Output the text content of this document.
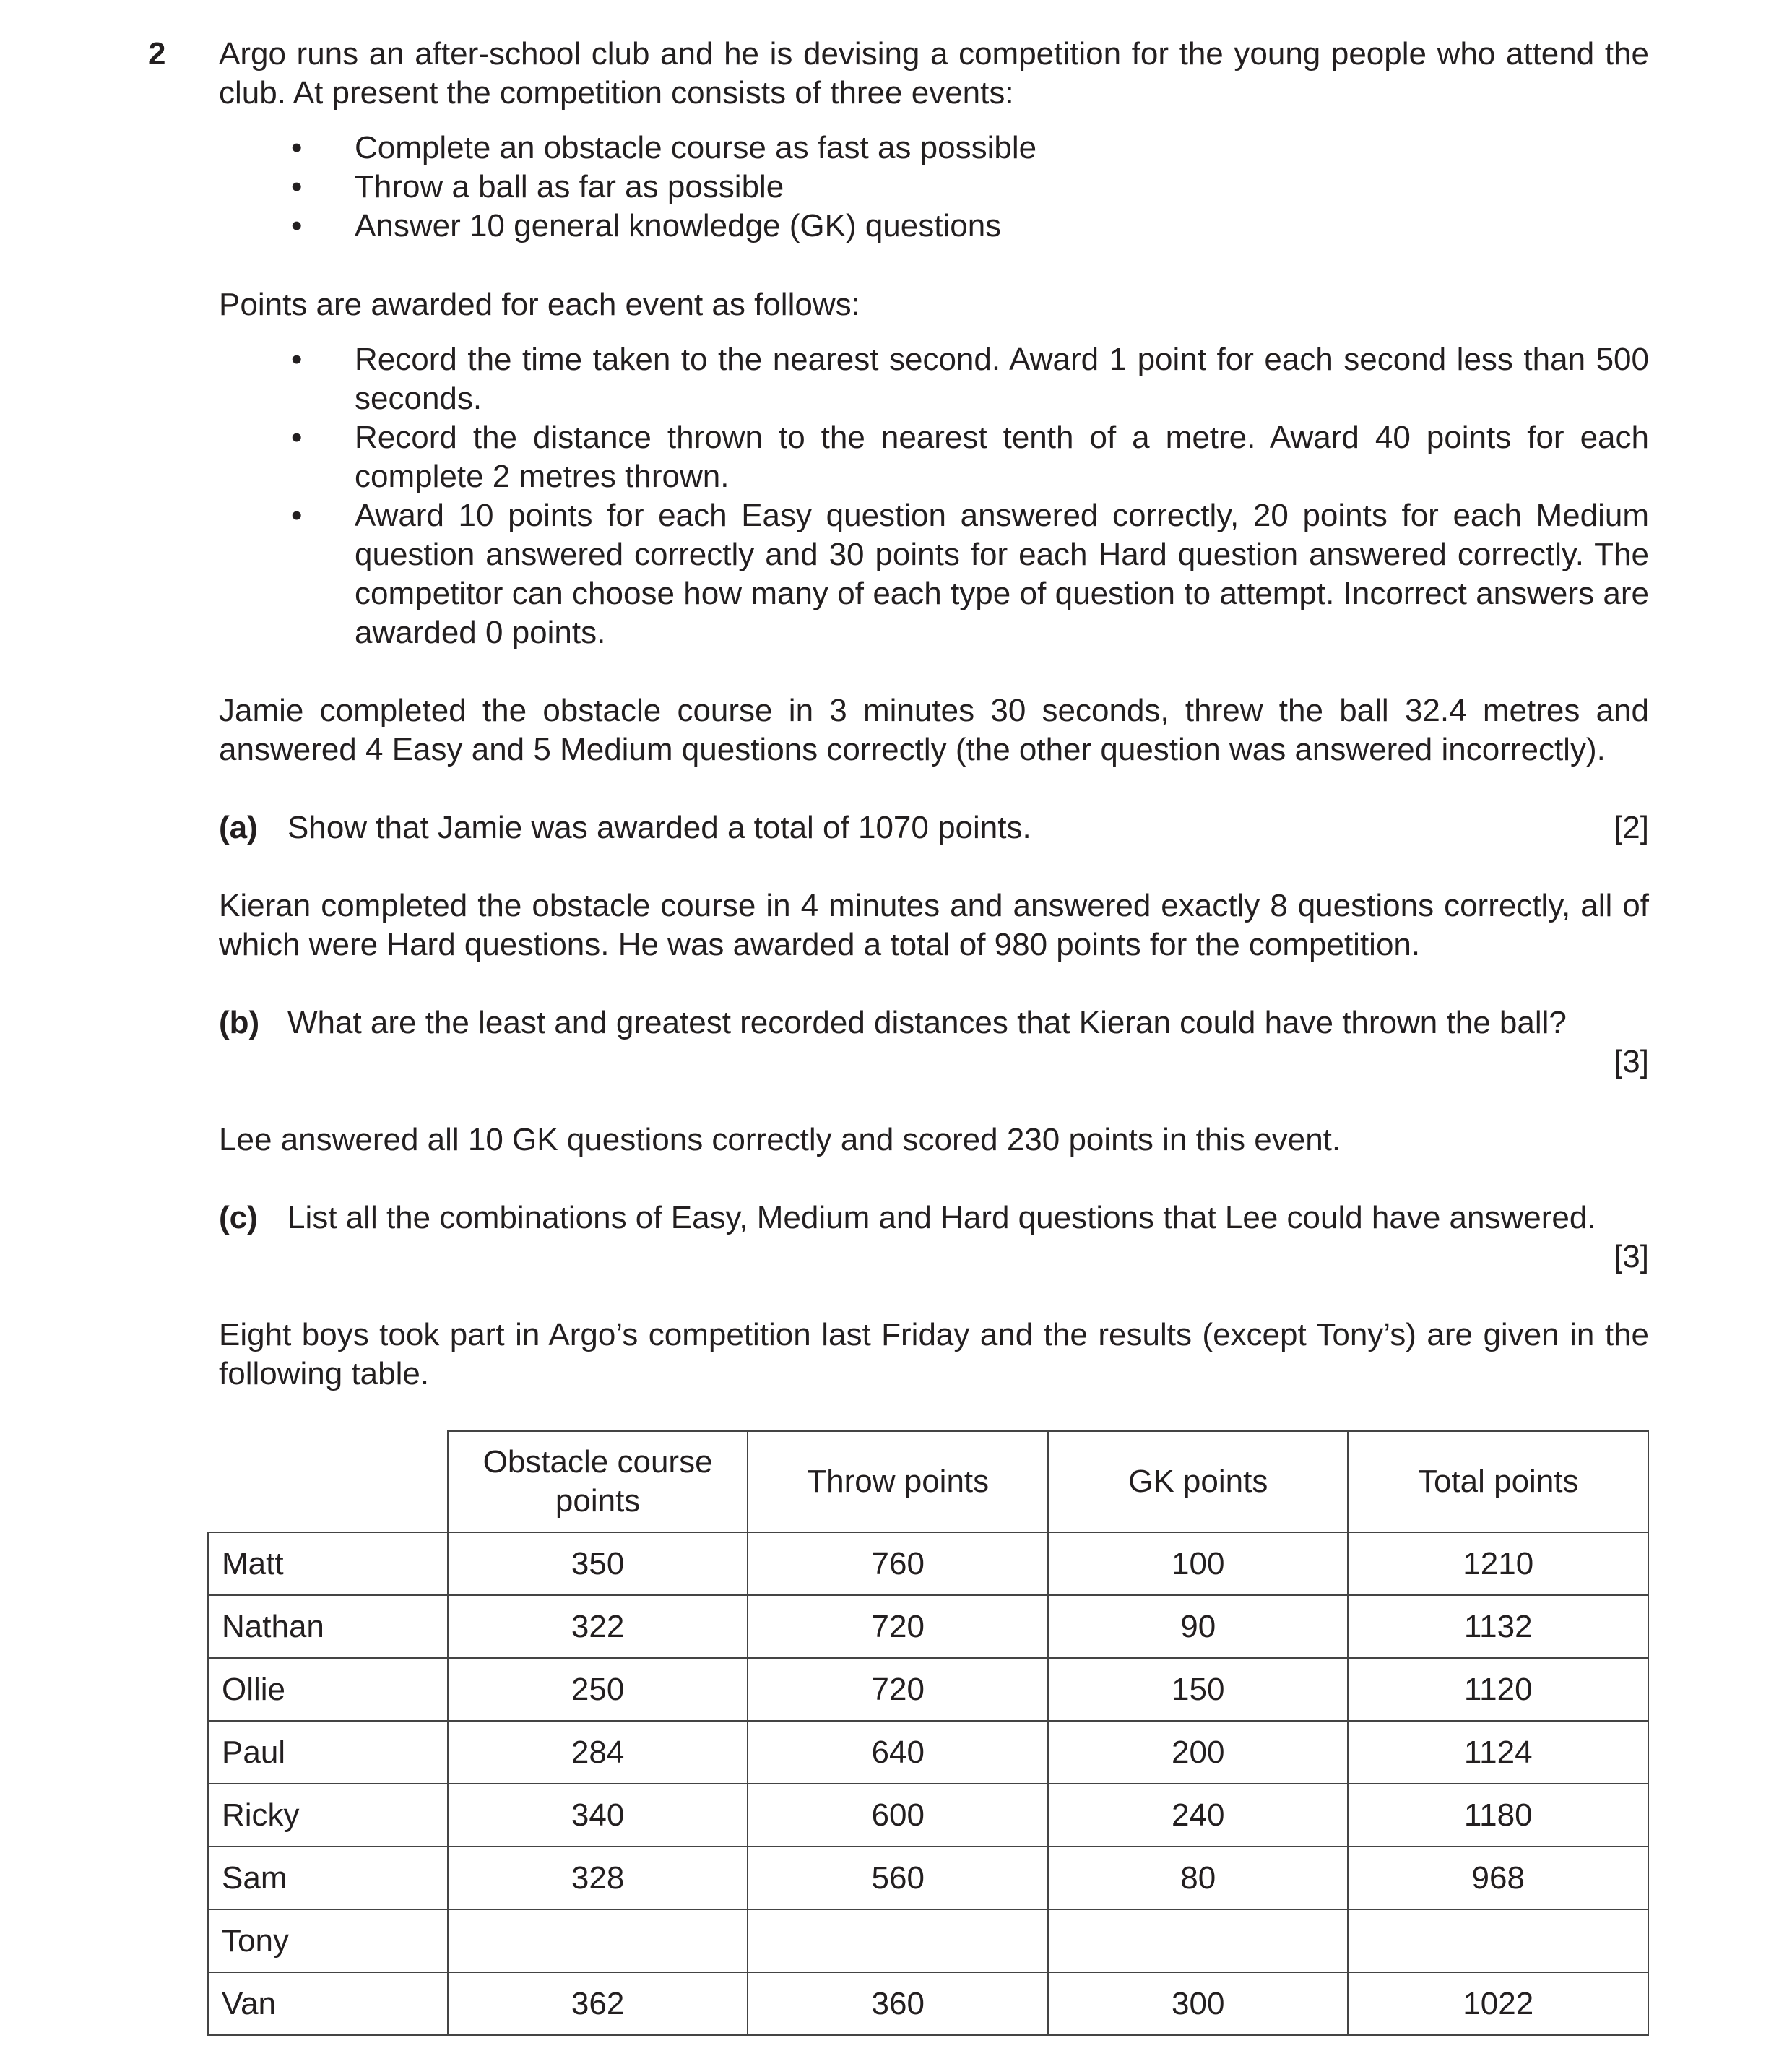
2 Argo runs an after-school club and he is devising a competition for the young people who attend the club. At present the competition consists of three events:

• Complete an obstacle course as fast as possible
• Throw a ball as far as possible
• Answer 10 general knowledge (GK) questions

Points are awarded for each event as follows:

• Record the time taken to the nearest second. Award 1 point for each second less than 500 seconds.
• Record the distance thrown to the nearest tenth of a metre. Award 40 points for each complete 2 metres thrown.
• Award 10 points for each Easy question answered correctly, 20 points for each Medium question answered correctly and 30 points for each Hard question answered correctly. The competitor can choose how many of each type of question to attempt. Incorrect answers are awarded 0 points.

Jamie completed the obstacle course in 3 minutes 30 seconds, threw the ball 32.4 metres and answered 4 Easy and 5 Medium questions correctly (the other question was answered incorrectly).

(a)	[2]
Show that Jamie was awarded a total of 1070 points.

Kieran completed the obstacle course in 4 minutes and answered exactly 8 questions correctly, all of which were Hard questions. He was awarded a total of 980 points for the competition.

(b) What are the least and greatest recorded distances that Kieran could have thrown the ball?
[3]

Lee answered all 10 GK questions correctly and scored 230 points in this event.

(c) List all the combinations of Easy, Medium and Hard questions that Lee could have answered.
[3]

Eight boys took part in Argo’s competition last Friday and the results (except Tony’s) are given in the following table.

	Obstacle course points	Throw points	GK points	Total points
Matt	350	760	100	1210
Nathan	322	720	90	1132
Ollie	250	720	150	1120
Paul	284	640	200	1124
Ricky	340	600	240	1180
Sam	328	560	80	968
Tony				
Van	362	360	300	1022
